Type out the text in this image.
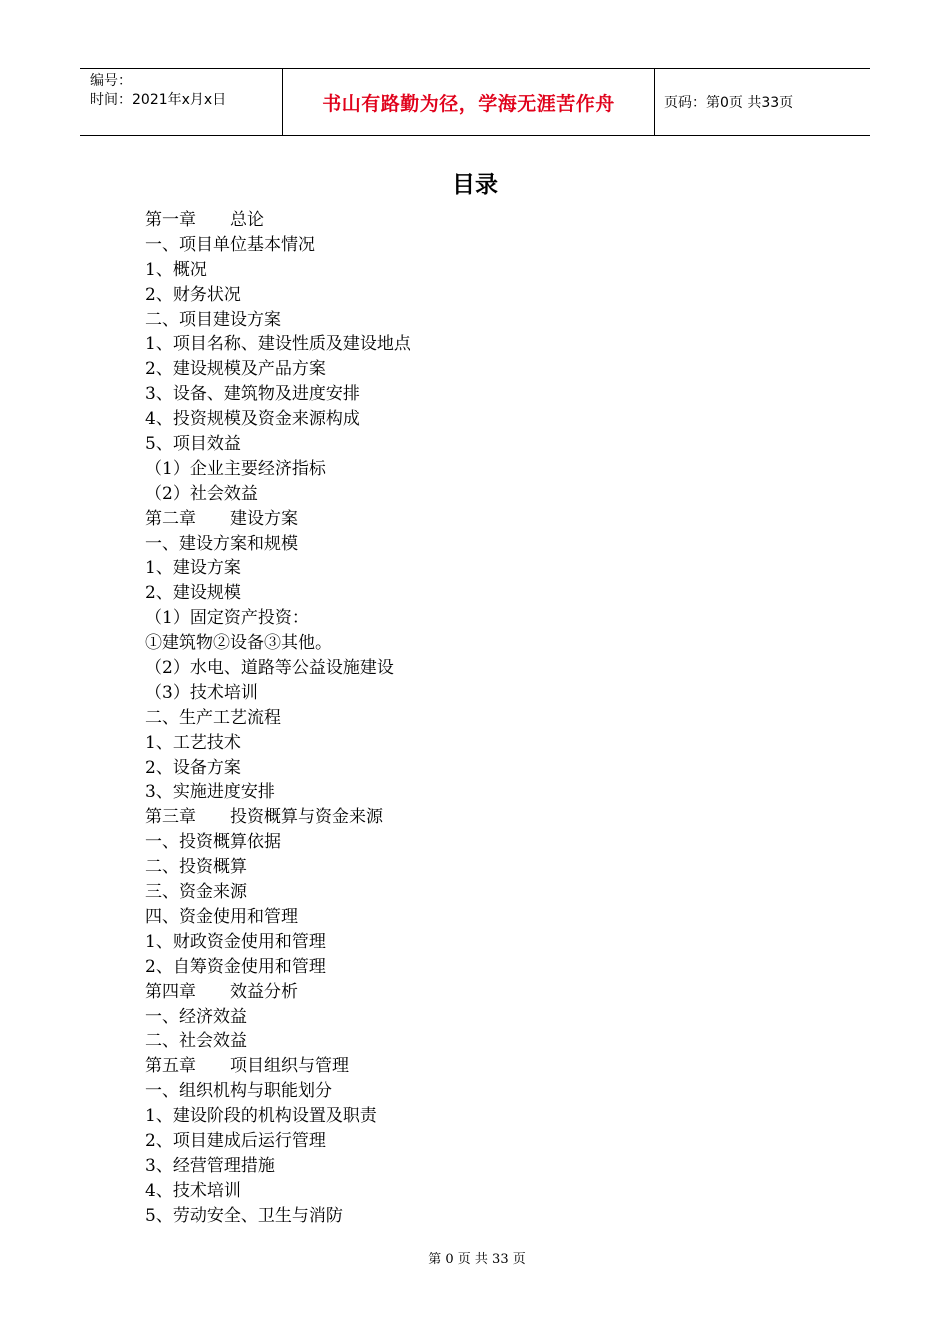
编号：
时间：2021年x月x日	书山有路勤为径，学海无涯苦作舟	页码：第0页 共33页
目录
第一章　　总论
一、项目单位基本情况
1、概况
2、财务状况
二、项目建设方案
1、项目名称、建设性质及建设地点
2、建设规模及产品方案
3、设备、建筑物及进度安排
4、投资规模及资金来源构成
5、项目效益
（1）企业主要经济指标
（2）社会效益
第二章　　建设方案
一、建设方案和规模
1、建设方案
2、建设规模
（1）固定资产投资：
①建筑物②设备③其他。
（2）水电、道路等公益设施建设
（3）技术培训
二、生产工艺流程
1、工艺技术
2、设备方案
3、实施进度安排
第三章　　投资概算与资金来源
一、投资概算依据
二、投资概算
三、资金来源
四、资金使用和管理
1、财政资金使用和管理
2、自筹资金使用和管理
第四章　　效益分析
一、经济效益
二、社会效益
第五章　　项目组织与管理
一、组织机构与职能划分
1、建设阶段的机构设置及职责
2、项目建成后运行管理
3、经营管理措施
4、技术培训
5、劳动安全、卫生与消防
第 0 页 共 33 页
